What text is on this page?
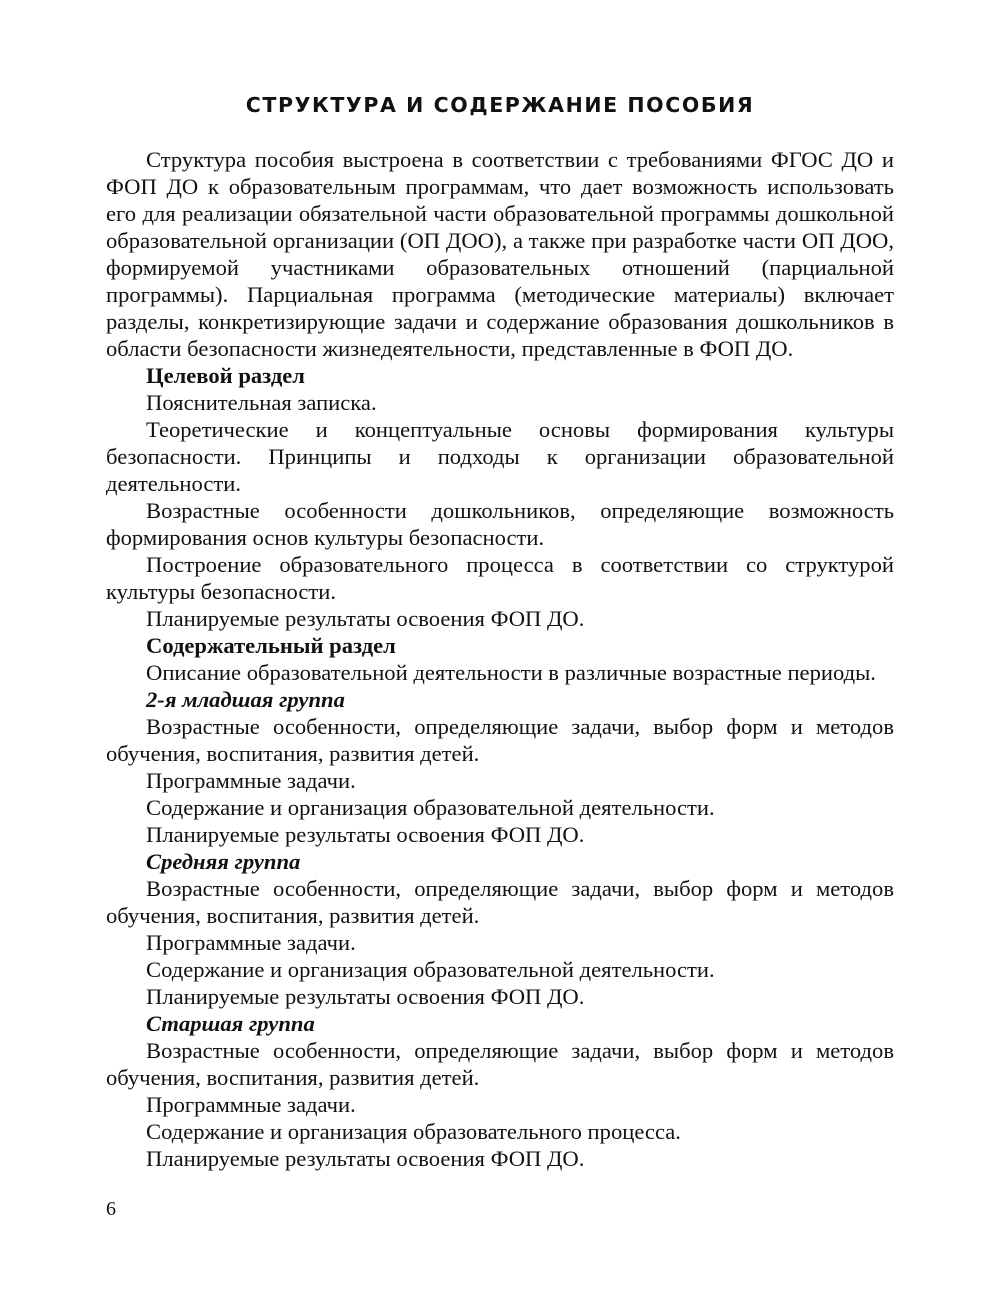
СТРУКТУРА И СОДЕРЖАНИЕ ПОСОБИЯ

Структура пособия выстроена в соответствии с требованиями ФГОС ДО и ФОП ДО к образовательным программам, что дает возможность использовать его для реализации обязательной части образовательной программы дошкольной образовательной организации (ОП ДОО), а также при разработке части ОП ДОО, формируемой участниками образовательных отношений (парциальной программы). Парциальная программа (методические материалы) включает разделы, конкретизирующие задачи и содержание образования дошкольников в области безопасности жизнедеятельности, представленные в ФОП ДО.

Целевой раздел

Пояснительная записка.

Теоретические и концептуальные основы формирования культуры безопасности. Принципы и подходы к организации образовательной деятельности.

Возрастные особенности дошкольников, определяющие возможность формирования основ культуры безопасности.

Построение образовательного процесса в соответствии со структурой культуры безопасности.

Планируемые результаты освоения ФОП ДО.

Содержательный раздел

Описание образовательной деятельности в различные возрастные периоды.

2-я младшая группа

Возрастные особенности, определяющие задачи, выбор форм и методов обучения, воспитания, развития детей.

Программные задачи.

Содержание и организация образовательной деятельности.

Планируемые результаты освоения ФОП ДО.

Средняя группа

Возрастные особенности, определяющие задачи, выбор форм и методов обучения, воспитания, развития детей.

Программные задачи.

Содержание и организация образовательной деятельности.

Планируемые результаты освоения ФОП ДО.

Старшая группа

Возрастные особенности, определяющие задачи, выбор форм и методов обучения, воспитания, развития детей.

Программные задачи.

Содержание и организация образовательного процесса.

Планируемые результаты освоения ФОП ДО.

6
